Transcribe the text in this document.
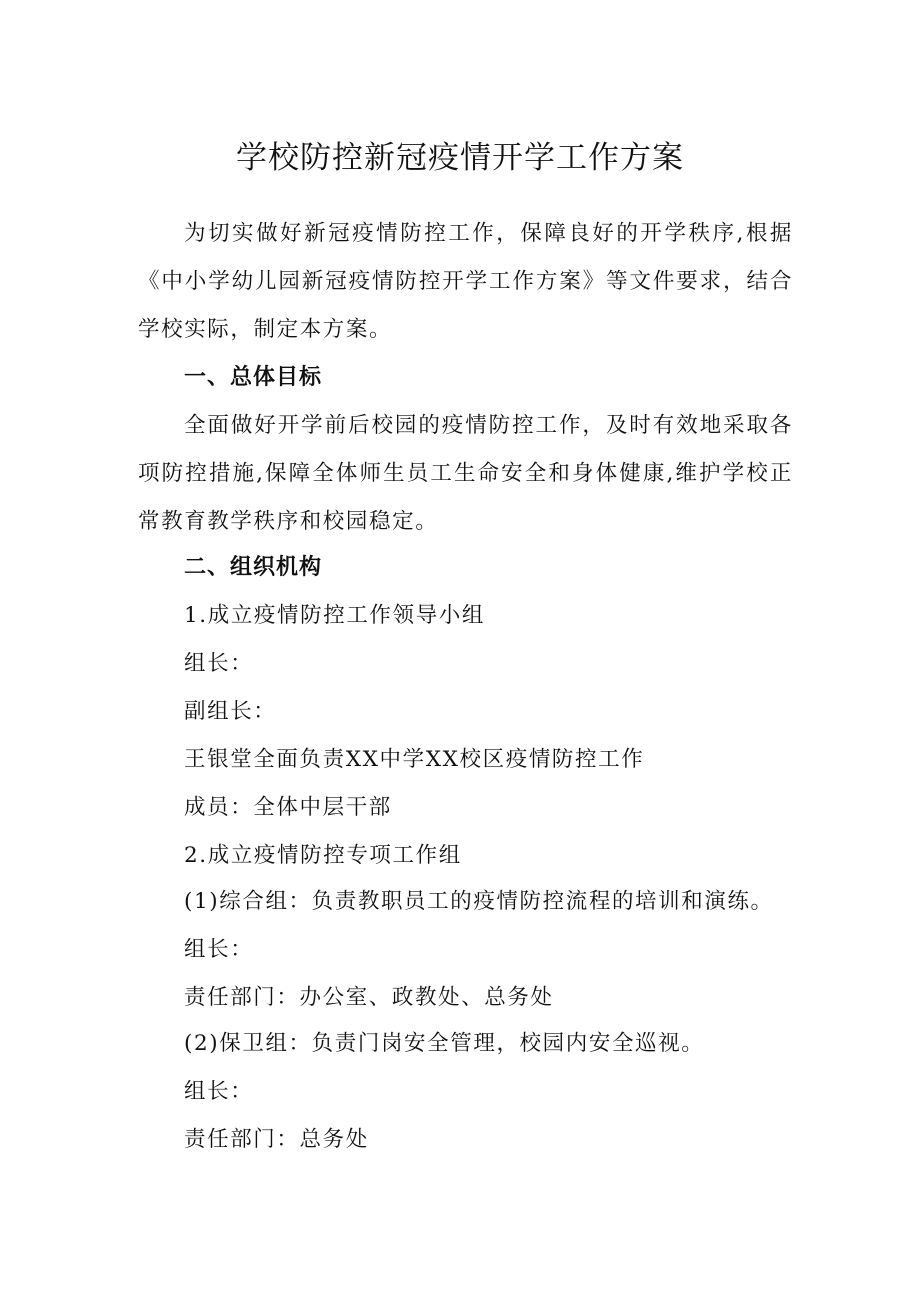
学校防控新冠疫情开学工作方案

为切实做好新冠疫情防控工作，保障良好的开学秩序,根据《中小学幼儿园新冠疫情防控开学工作方案》等文件要求，结合学校实际，制定本方案。

一、总体目标

全面做好开学前后校园的疫情防控工作，及时有效地采取各项防控措施,保障全体师生员工生命安全和身体健康,维护学校正常教育教学秩序和校园稳定。

二、组织机构

1.成立疫情防控工作领导小组

组长：

副组长：

王银堂全面负责XX中学XX校区疫情防控工作

成员：全体中层干部

2.成立疫情防控专项工作组

(1)综合组：负责教职员工的疫情防控流程的培训和演练。

组长：

责任部门：办公室、政教处、总务处

(2)保卫组：负责门岗安全管理，校园内安全巡视。

组长：

责任部门：总务处
